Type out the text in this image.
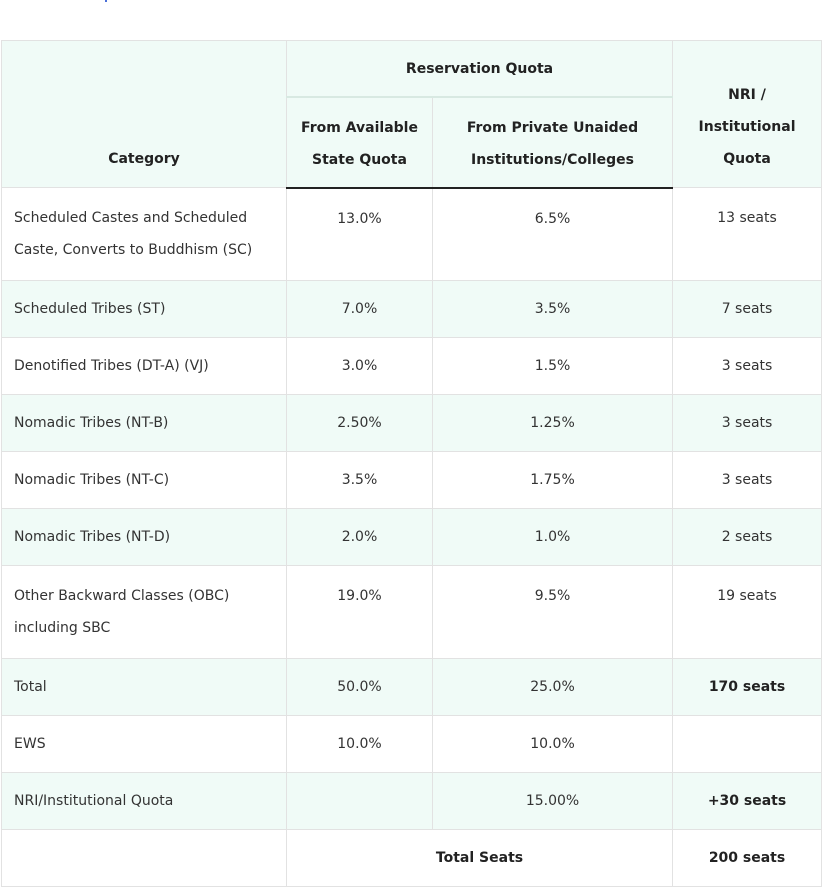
Category	Reservation Quota		NRI / Institutional Quota
	From Available State Quota	From Private Unaided Institutions/Colleges	
Scheduled Castes and Scheduled Caste, Converts to Buddhism (SC)	13.0%	6.5%	13 seats
Scheduled Tribes (ST)	7.0%	3.5%	7 seats
Denotified Tribes (DT-A) (VJ)	3.0%	1.5%	3 seats
Nomadic Tribes (NT-B)	2.50%	1.25%	3 seats
Nomadic Tribes (NT-C)	3.5%	1.75%	3 seats
Nomadic Tribes (NT-D)	2.0%	1.0%	2 seats
Other Backward Classes (OBC) including SBC	19.0%	9.5%	19 seats
Total	50.0%	25.0%	170 seats
EWS	10.0%	10.0%	
NRI/Institutional Quota		15.00%	+30 seats
	Total Seats		200 seats
